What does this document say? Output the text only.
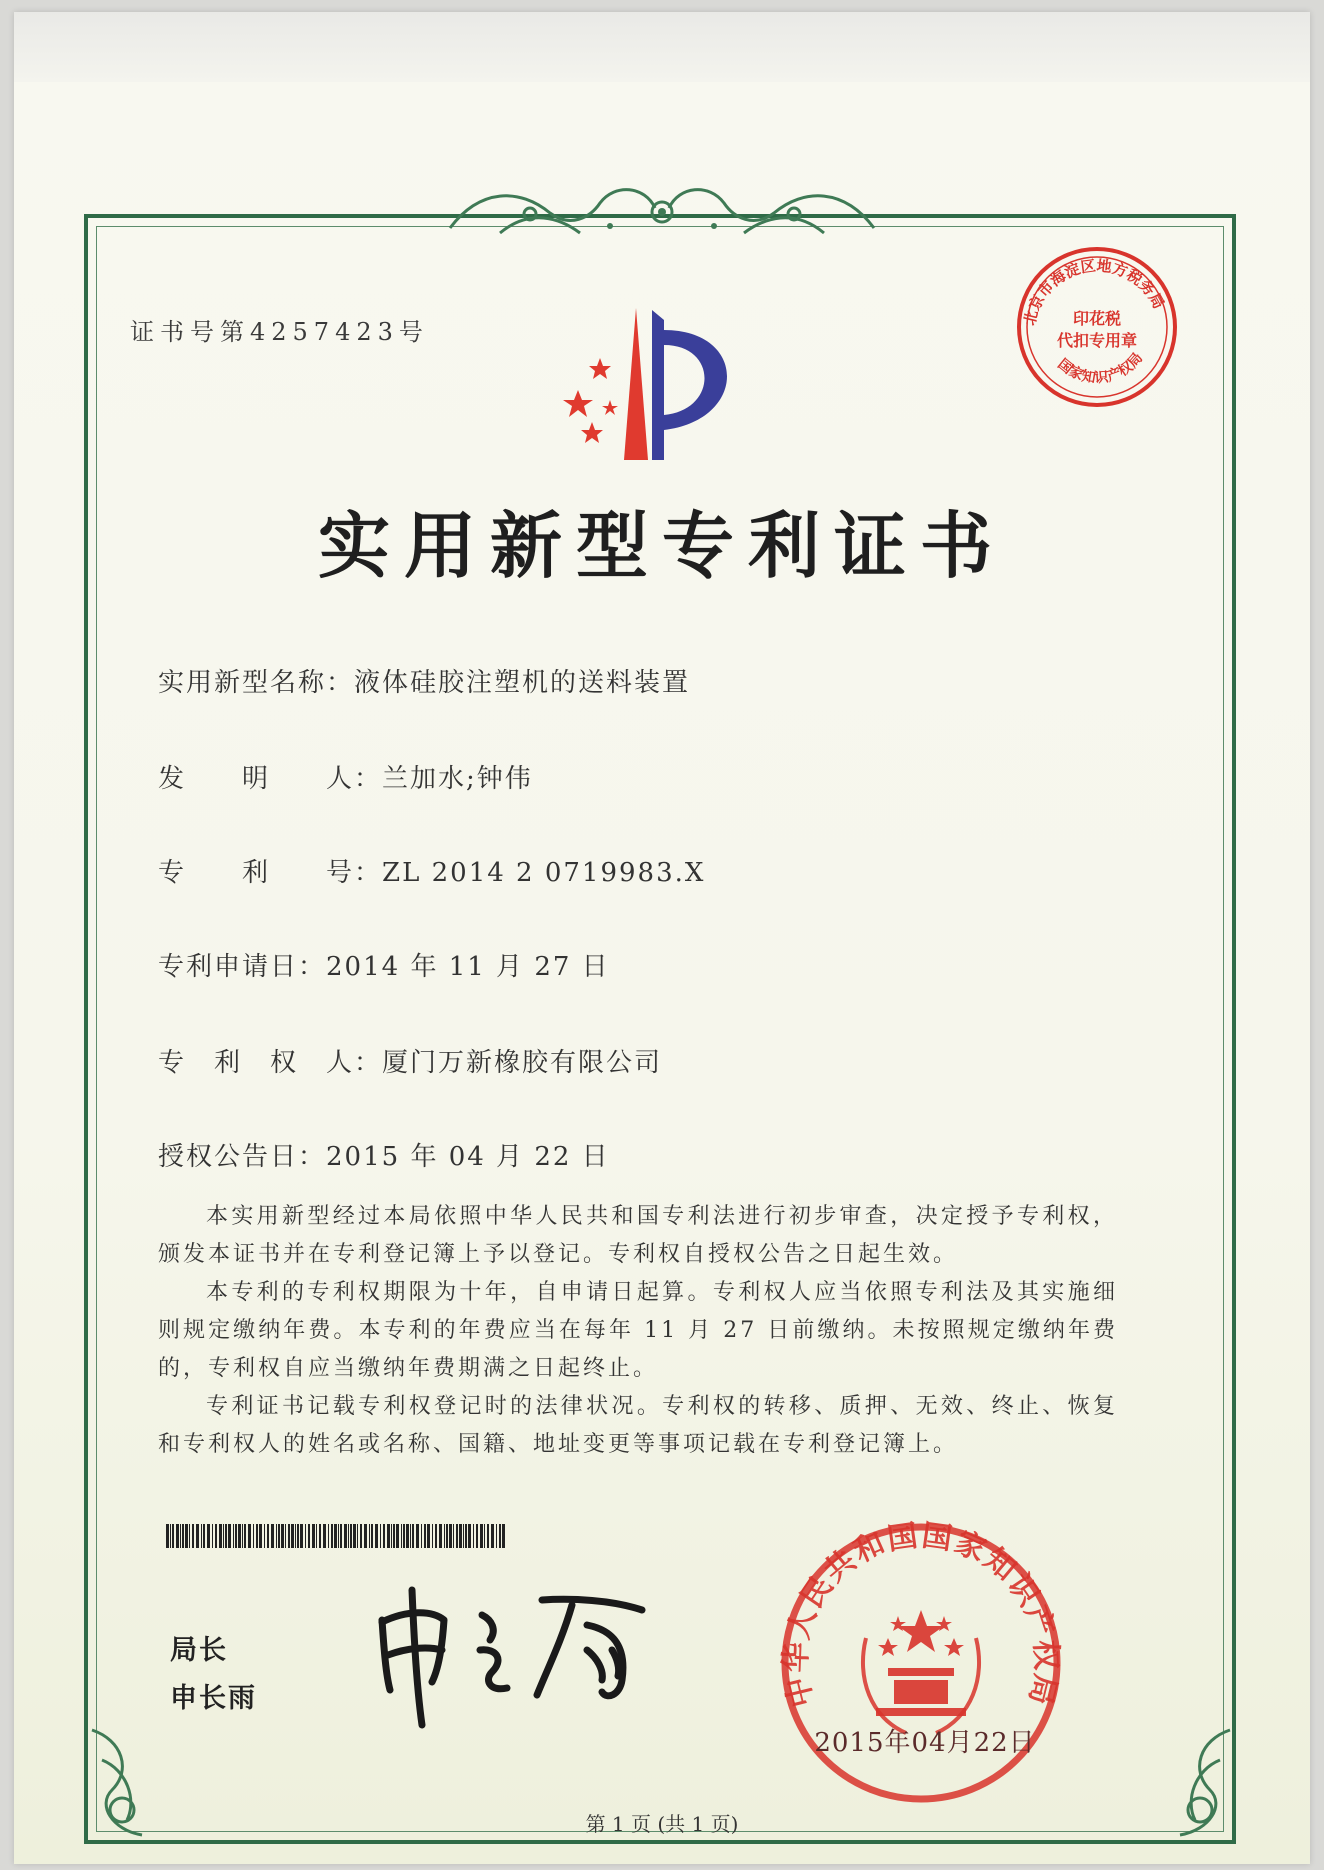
证书号第4257423号
北京市海淀区地方税务局
国家知识产权局
印花税
代扣专用章
实用新型专利证书
实用新型名称：液体硅胶注塑机的送料装置
发　　明　　人：兰加水;钟伟
专　　利　　号：ZL 2014 2 0719983.X
专利申请日：2014 年 11 月 27 日
专　利　权　人：厦门万新橡胶有限公司
授权公告日：2015 年 04 月 22 日
本实用新型经过本局依照中华人民共和国专利法进行初步审查，决定授予专利权，颁发本证书并在专利登记簿上予以登记。专利权自授权公告之日起生效。
本专利的专利权期限为十年，自申请日起算。专利权人应当依照专利法及其实施细则规定缴纳年费。本专利的年费应当在每年 11 月 27 日前缴纳。未按照规定缴纳年费的，专利权自应当缴纳年费期满之日起终止。
专利证书记载专利权登记时的法律状况。专利权的转移、质押、无效、终止、恢复和专利权人的姓名或名称、国籍、地址变更等事项记载在专利登记簿上。
局长
申长雨	中华人民共和国国家知识产权局
2015年04月22日
第 1 页 (共 1 页)
